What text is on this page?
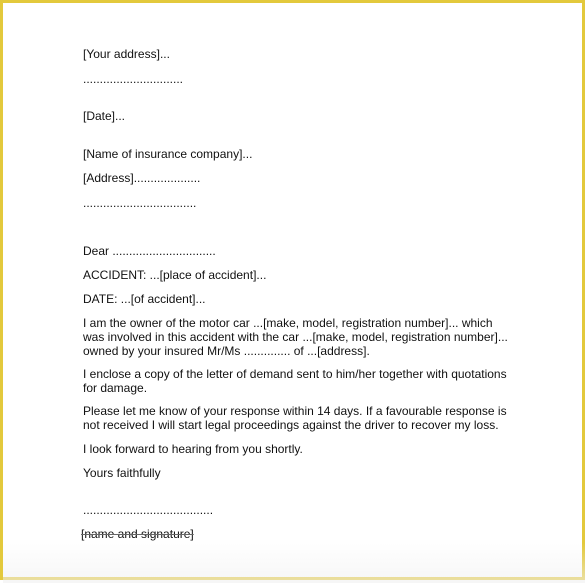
[Your address]...
..............................
[Date]...
[Name of insurance company]...
[Address]....................
..................................
Dear ...............................
ACCIDENT: ...[place of accident]...
DATE: ...[of accident]...
I am the owner of the motor car ...[make, model, registration number]... which
was involved in this accident with the car ...[make, model, registration number]...
owned by your insured Mr/Ms .............. of ...[address].
I enclose a copy of the letter of demand sent to him/her together with quotations
for damage.
Please let me know of your response within 14 days. If a favourable response is
not received I will start legal proceedings against the driver to recover my loss.
I look forward to hearing from you shortly.
Yours faithfully
.......................................
[name and signature]
